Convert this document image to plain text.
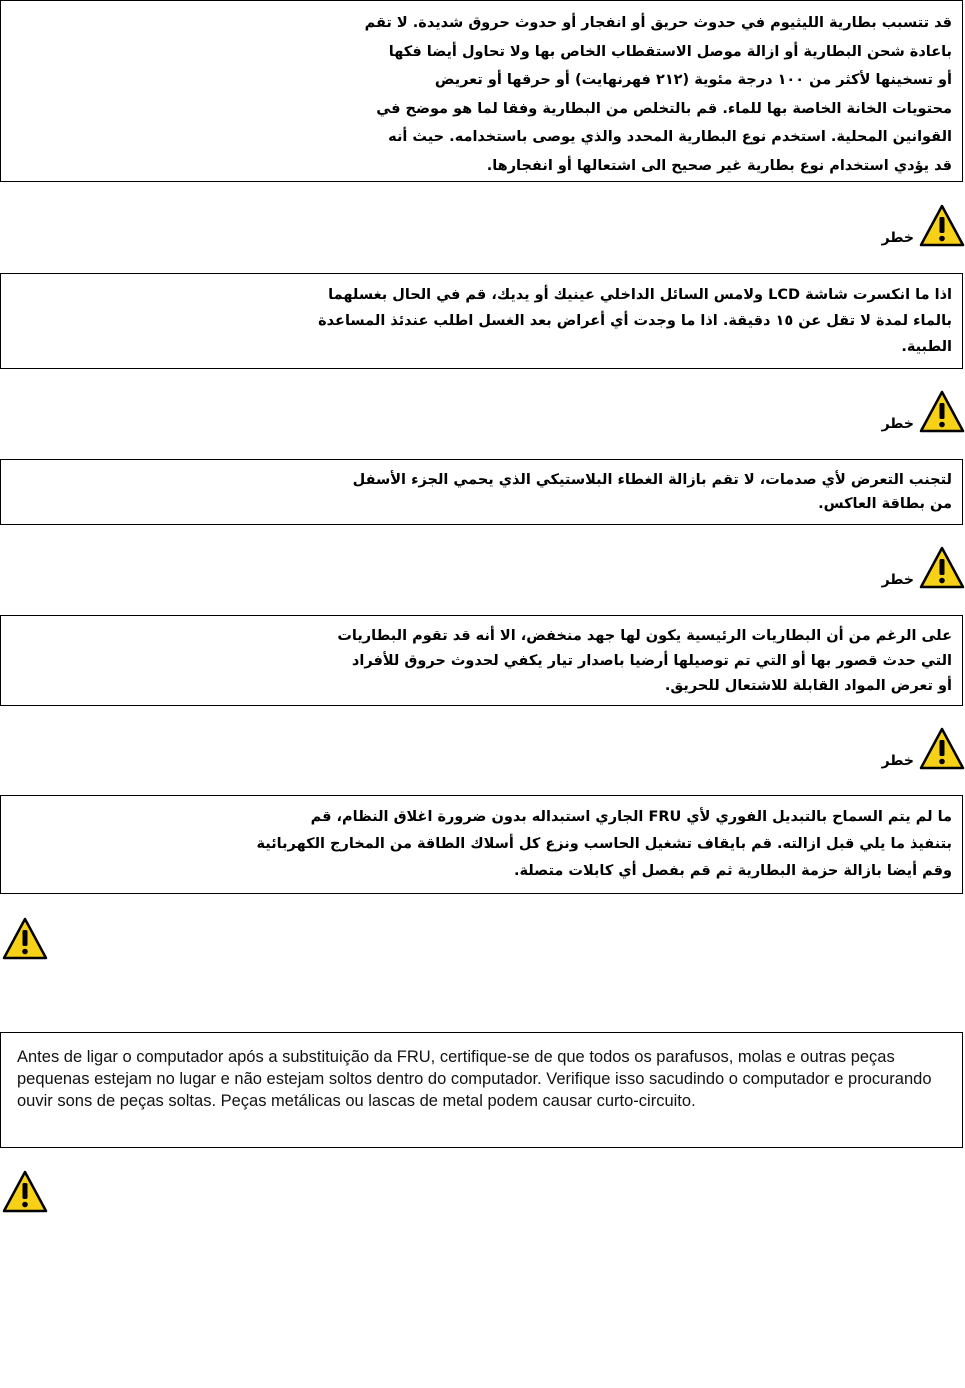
قد تتسبب بطارية الليثيوم في حدوث حريق أو انفجار أو حدوث حروق شديدة. لا تقم
باعادة شحن البطارية أو ازالة موصل الاستقطاب الخاص بها ولا تحاول أيضا فكها
أو تسخينها لأكثر من ١٠٠ درجة مئوية (٢١٢ فهرنهايت) أو حرقها أو تعريض
محتويات الخانة الخاصة بها للماء. قم بالتخلص من البطارية وفقا لما هو موضح في
القوانين المحلية. استخدم نوع البطارية المحدد والذي يوصى باستخدامه. حيث أنه
قد يؤدي استخدام نوع بطارية غير صحيح الى اشتعالها أو انفجارها.
خطر
اذا ما انكسرت شاشة LCD ولامس السائل الداخلي عينيك أو يديك، قم في الحال بغسلهما
بالماء لمدة لا تقل عن ١٥ دقيقة. اذا ما وجدت أي أعراض بعد الغسل اطلب عندئذ المساعدة
الطبية.
خطر
لتجنب التعرض لأي صدمات، لا تقم بازالة الغطاء البلاستيكي الذي يحمي الجزء الأسفل
من بطاقة العاكس.
خطر
على الرغم من أن البطاريات الرئيسية يكون لها جهد منخفض، الا أنه قد تقوم البطاريات
التي حدث قصور بها أو التي تم توصيلها أرضيا باصدار تيار يكفي لحدوث حروق للأفراد
أو تعرض المواد القابلة للاشتعال للحريق.
خطر
ما لم يتم السماح بالتبديل الفوري لأي FRU الجاري استبداله بدون ضرورة اغلاق النظام، قم
بتنفيذ ما يلي قبل ازالته. قم بايقاف تشغيل الحاسب ونزع كل أسلاك الطاقة من المخارج الكهربائية
وقم أيضا بازالة حزمة البطارية ثم قم بفصل أي كابلات متصلة.
Antes de ligar o computador após a substituição da FRU, certifique-se de que todos os parafusos, molas e outras peças pequenas estejam no lugar e não estejam soltos dentro do computador. Verifique isso sacudindo o computador e procurando ouvir sons de peças soltas. Peças metálicas ou lascas de metal podem causar curto-circuito.
